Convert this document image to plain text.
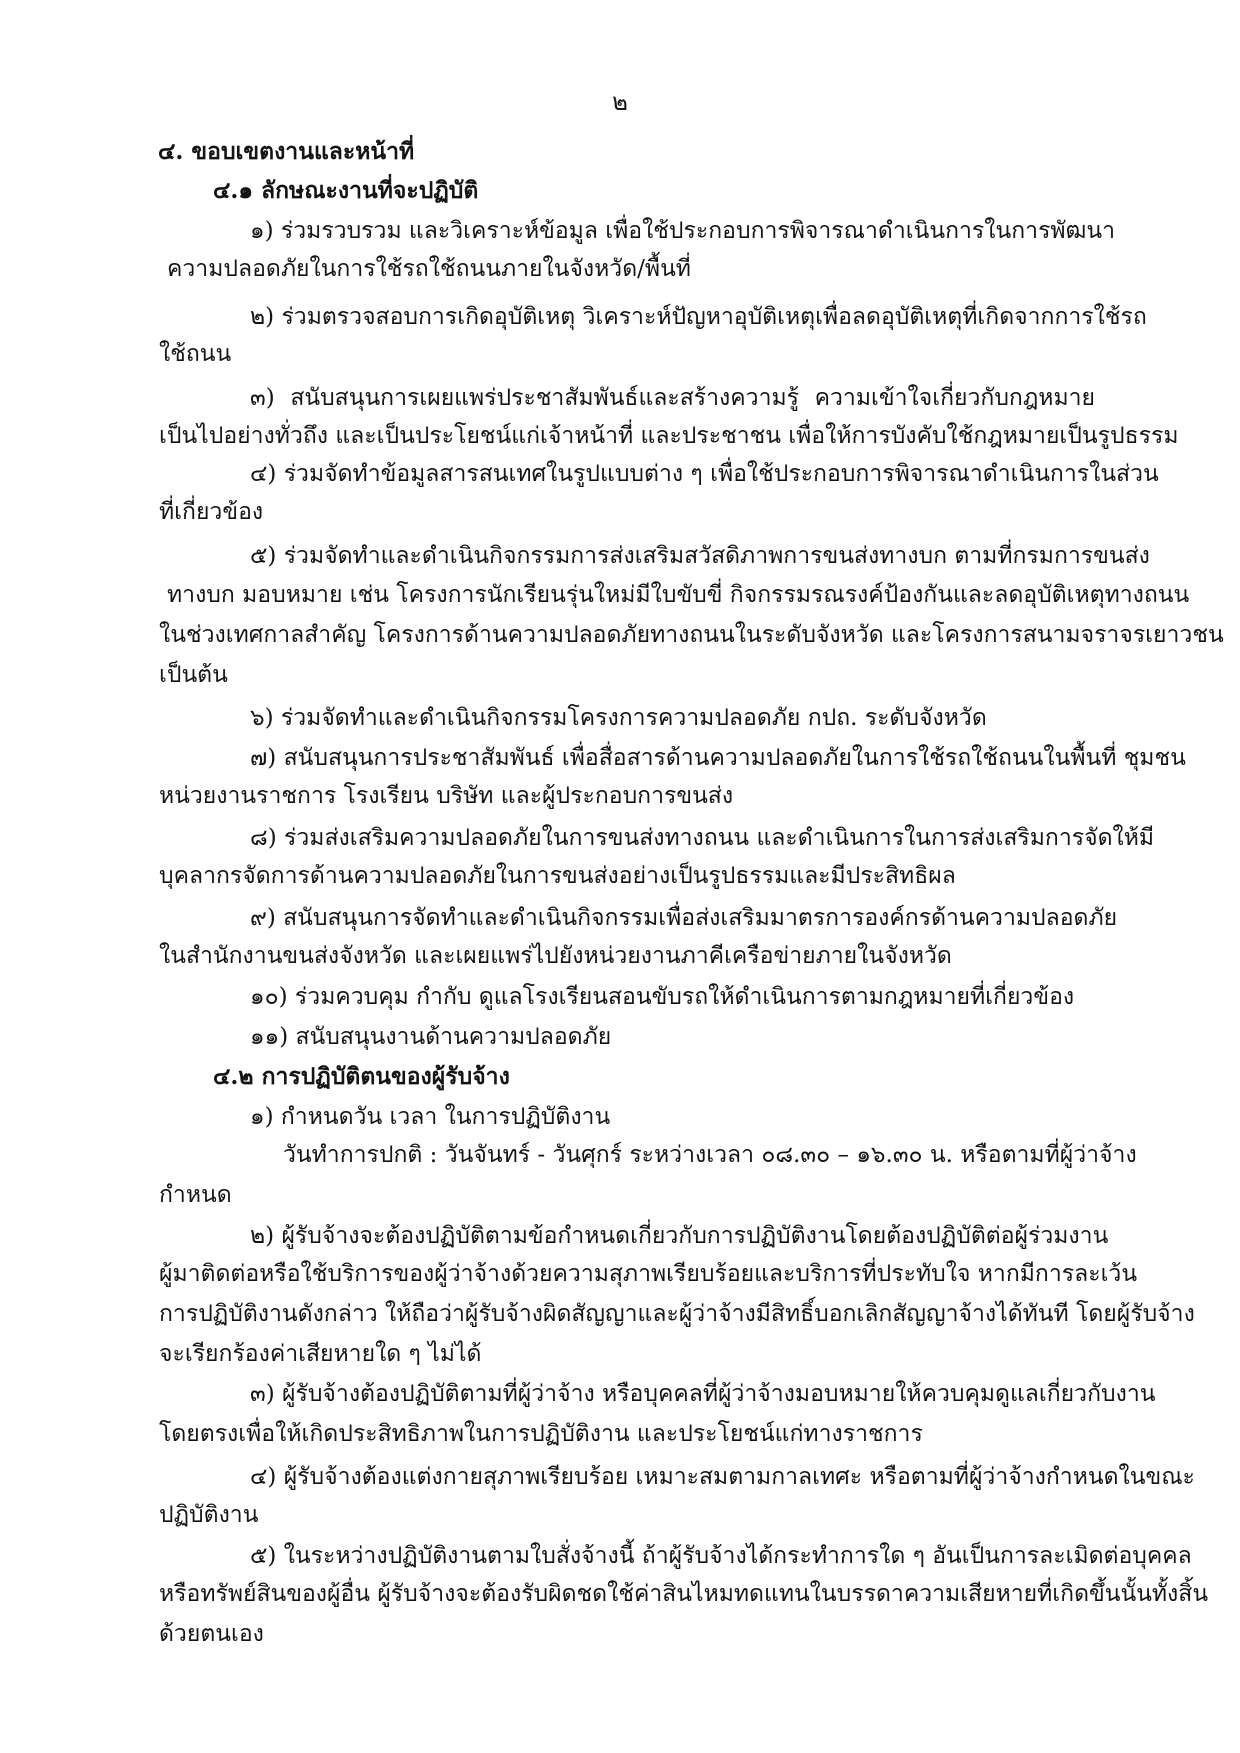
๒
๔. ขอบเขตงานและหน้าที่
๔.๑ ลักษณะงานที่จะปฏิบัติ
๑) ร่วมรวบรวม และวิเคราะห์ข้อมูล เพื่อใช้ประกอบการพิจารณาดำเนินการในการพัฒนา
ความปลอดภัยในการใช้รถใช้ถนนภายในจังหวัด/พื้นที่
๒) ร่วมตรวจสอบการเกิดอุบัติเหตุ วิเคราะห์ปัญหาอุบัติเหตุเพื่อลดอุบัติเหตุที่เกิดจากการใช้รถ
ใช้ถนน
๓) สนับสนุนการเผยแพร่ประชาสัมพันธ์และสร้างความรู้ ความเข้าใจเกี่ยวกับกฎหมาย
เป็นไปอย่างทั่วถึง และเป็นประโยชน์แก่เจ้าหน้าที่ และประชาชน เพื่อให้การบังคับใช้กฎหมายเป็นรูปธรรม
๔) ร่วมจัดทำข้อมูลสารสนเทศในรูปแบบต่าง ๆ เพื่อใช้ประกอบการพิจารณาดำเนินการในส่วน
ที่เกี่ยวข้อง
๕) ร่วมจัดทำและดำเนินกิจกรรมการส่งเสริมสวัสดิภาพการขนส่งทางบก ตามที่กรมการขนส่ง
ทางบก มอบหมาย เช่น โครงการนักเรียนรุ่นใหม่มีใบขับขี่ กิจกรรมรณรงค์ป้องกันและลดอุบัติเหตุทางถนน
ในช่วงเทศกาลสำคัญ โครงการด้านความปลอดภัยทางถนนในระดับจังหวัด และโครงการสนามจราจรเยาวชน
เป็นต้น
๖) ร่วมจัดทำและดำเนินกิจกรรมโครงการความปลอดภัย กปถ. ระดับจังหวัด
๗) สนับสนุนการประชาสัมพันธ์ เพื่อสื่อสารด้านความปลอดภัยในการใช้รถใช้ถนนในพื้นที่ ชุมชน
หน่วยงานราชการ โรงเรียน บริษัท และผู้ประกอบการขนส่ง
๘) ร่วมส่งเสริมความปลอดภัยในการขนส่งทางถนน และดำเนินการในการส่งเสริมการจัดให้มี
บุคลากรจัดการด้านความปลอดภัยในการขนส่งอย่างเป็นรูปธรรมและมีประสิทธิผล
๙) สนับสนุนการจัดทำและดำเนินกิจกรรมเพื่อส่งเสริมมาตรการองค์กรด้านความปลอดภัย
ในสำนักงานขนส่งจังหวัด และเผยแพร่ไปยังหน่วยงานภาคีเครือข่ายภายในจังหวัด
๑๐) ร่วมควบคุม กำกับ ดูแลโรงเรียนสอนขับรถให้ดำเนินการตามกฎหมายที่เกี่ยวข้อง
๑๑) สนับสนุนงานด้านความปลอดภัย
๔.๒ การปฏิบัติตนของผู้รับจ้าง
๑) กำหนดวัน เวลา ในการปฏิบัติงาน
วันทำการปกติ : วันจันทร์ - วันศุกร์ ระหว่างเวลา ๐๘.๓๐ – ๑๖.๓๐ น. หรือตามที่ผู้ว่าจ้าง
กำหนด
๒) ผู้รับจ้างจะต้องปฏิบัติตามข้อกำหนดเกี่ยวกับการปฏิบัติงานโดยต้องปฏิบัติต่อผู้ร่วมงาน
ผู้มาติดต่อหรือใช้บริการของผู้ว่าจ้างด้วยความสุภาพเรียบร้อยและบริการที่ประทับใจ หากมีการละเว้น
การปฏิบัติงานดังกล่าว ให้ถือว่าผู้รับจ้างผิดสัญญาและผู้ว่าจ้างมีสิทธิ์บอกเลิกสัญญาจ้างได้ทันที โดยผู้รับจ้าง
จะเรียกร้องค่าเสียหายใด ๆ ไม่ได้
๓) ผู้รับจ้างต้องปฏิบัติตามที่ผู้ว่าจ้าง หรือบุคคลที่ผู้ว่าจ้างมอบหมายให้ควบคุมดูแลเกี่ยวกับงาน
โดยตรงเพื่อให้เกิดประสิทธิภาพในการปฏิบัติงาน และประโยชน์แก่ทางราชการ
๔) ผู้รับจ้างต้องแต่งกายสุภาพเรียบร้อย เหมาะสมตามกาลเทศะ หรือตามที่ผู้ว่าจ้างกำหนดในขณะ
ปฏิบัติงาน
๕) ในระหว่างปฏิบัติงานตามใบสั่งจ้างนี้ ถ้าผู้รับจ้างได้กระทำการใด ๆ อันเป็นการละเมิดต่อบุคคล
หรือทรัพย์สินของผู้อื่น ผู้รับจ้างจะต้องรับผิดชดใช้ค่าสินไหมทดแทนในบรรดาความเสียหายที่เกิดขึ้นนั้นทั้งสิ้น
ด้วยตนเอง
